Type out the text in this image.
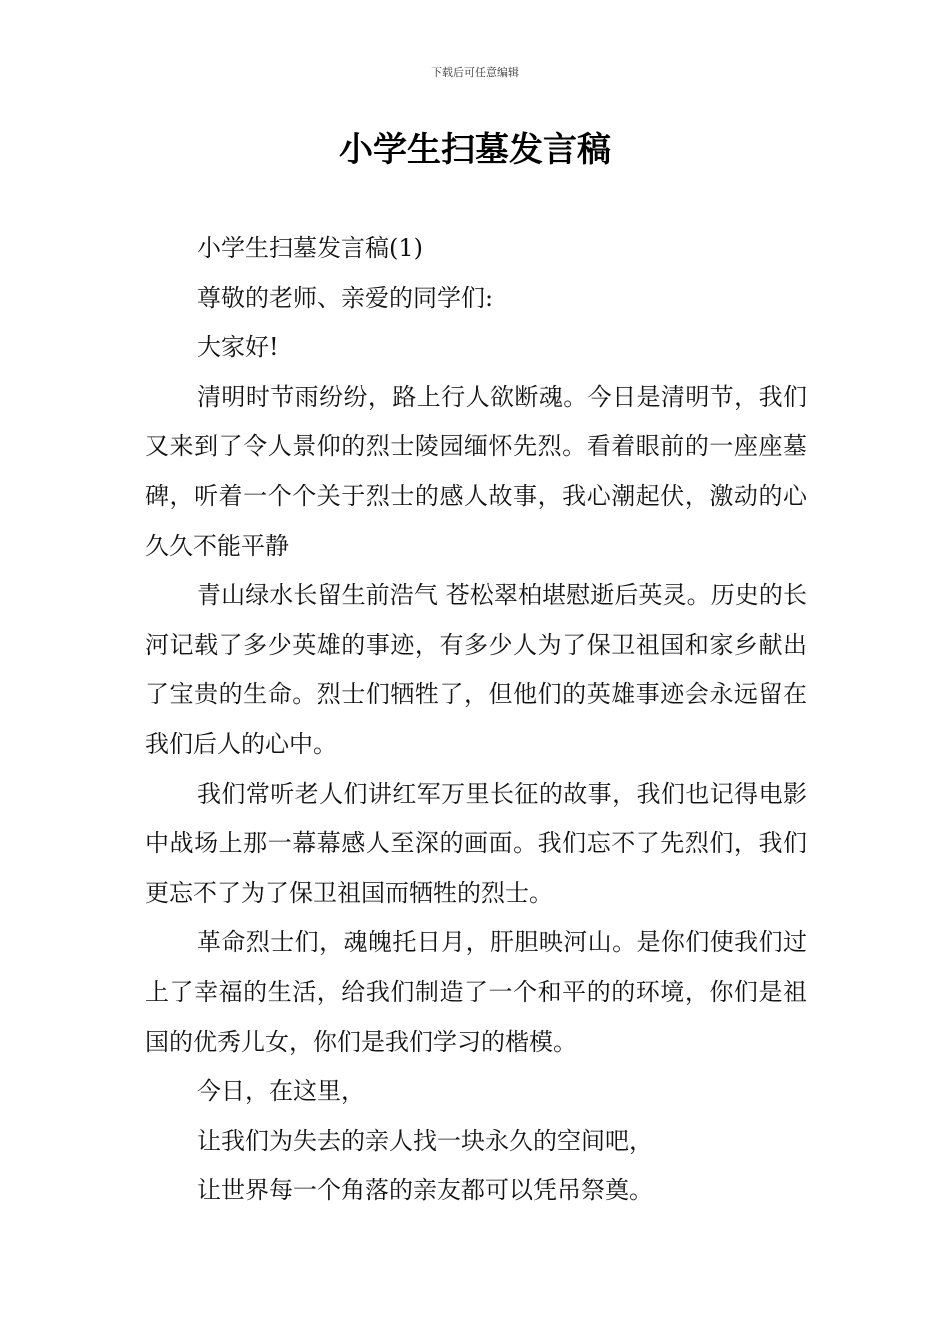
下载后可任意编辑
小学生扫墓发言稿

小学生扫墓发言稿(1)

尊敬的老师、亲爱的同学们:

大家好!

清明时节雨纷纷，路上行人欲断魂。今日是清明节，我们又来到了令人景仰的烈士陵园缅怀先烈。看着眼前的一座座墓碑，听着一个个关于烈士的感人故事，我心潮起伏，激动的心久久不能平静

青山绿水长留生前浩气 苍松翠柏堪慰逝后英灵。历史的长河记载了多少英雄的事迹，有多少人为了保卫祖国和家乡献出了宝贵的生命。烈士们牺牲了，但他们的英雄事迹会永远留在我们后人的心中。

我们常听老人们讲红军万里长征的故事，我们也记得电影中战场上那一幕幕感人至深的画面。我们忘不了先烈们，我们更忘不了为了保卫祖国而牺牲的烈士。

革命烈士们，魂魄托日月，肝胆映河山。是你们使我们过上了幸福的生活，给我们制造了一个和平的的环境，你们是祖国的优秀儿女，你们是我们学习的楷模。

今日，在这里，

让我们为失去的亲人找一块永久的空间吧，

让世界每一个角落的亲友都可以凭吊祭奠。
